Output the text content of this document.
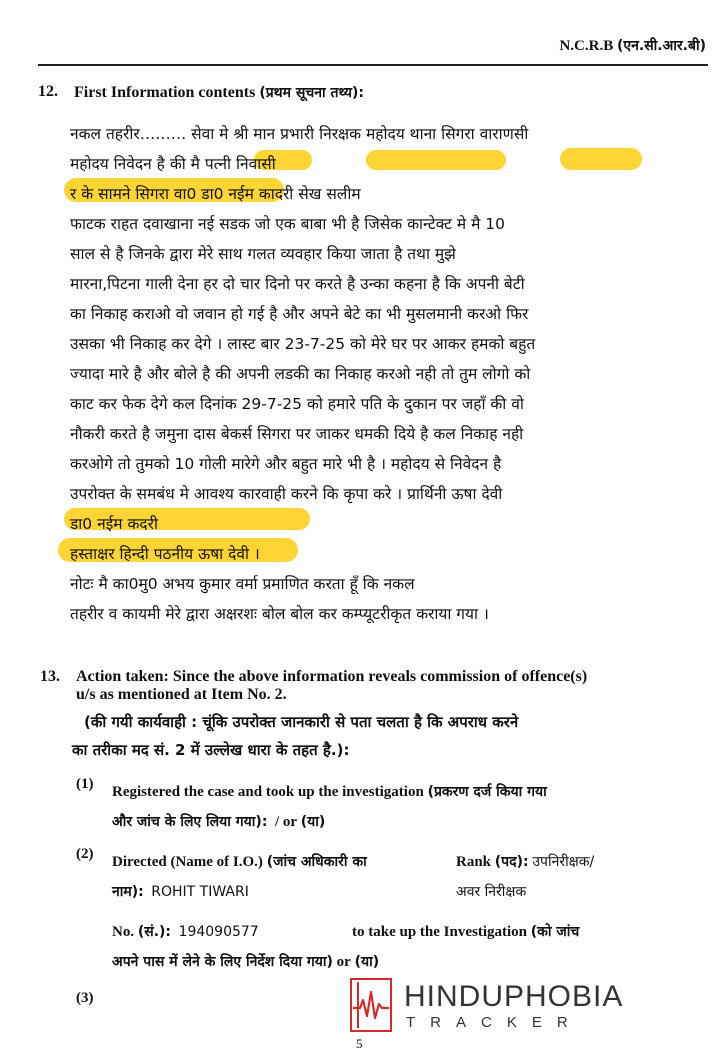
N.C.R.B (एन.सी.आर.बी)
12. First Information contents (प्रथम सूचना तथ्य):
नकल तहरीर……… सेवा मे श्री मान प्रभारी निरक्षक महोदय थाना सिगरा वाराणसी
महोदय निवेदन है की मै पत्नी निवासी
र के सामने सिगरा वा0 डा0 नईम कादरी सेख सलीम
फाटक राहत दवाखाना नई सडक जो एक बाबा भी है जिसेक कान्टेक्ट मे मै 10
साल से है जिनके द्वारा मेरे साथ गलत व्यवहार किया जाता है तथा मुझे
मारना,पिटना गाली देना हर दो चार दिनो पर करते है उन्का कहना है कि अपनी बेटी
का निकाह कराओ वो जवान हो गई है और अपने बेटे का भी मुसलमानी करओ फिर
उसका भी निकाह कर देगे । लास्ट बार 23-7-25 को मेरे घर पर आकर हमको बहुत
ज्यादा मारे है और बोले है की अपनी लडकी का निकाह करओ नही तो तुम लोगो को
काट कर फेक देगे कल दिनांक 29-7-25 को हमारे पति के दुकान पर जहाँ की वो
नौकरी करते है जमुना दास बेकर्स सिगरा पर जाकर धमकी दिये है कल निकाह नही
करओगे तो तुमको 10 गोली मारेगे और बहुत मारे भी है । महोदय से निवेदन है
उपरोक्त के समबंध मे आवश्य कारवाही करने कि कृपा करे । प्रार्थिनी ऊषा देवी
डा0 नईम कदरी
हस्ताक्षर हिन्दी पठनीय ऊषा देवी ।
नोटः मै का0मु0 अभय कुमार वर्मा प्रमाणित करता हूँ कि नकल
तहरीर व कायमी मेरे द्वारा अक्षरशः बोल बोल कर कम्प्यूटरीकृत कराया गया ।
13. Action taken: Since the above information reveals commission of offence(s)
u/s as mentioned at Item No. 2.
(की गयी कार्यवाही : चूंकि उपरोक्त जानकारी से पता चलता है कि अपराध करने
का तरीका मद सं. 2 में उल्लेख धारा के तहत है.):
(1) Registered the case and took up the investigation (प्रकरण दर्ज किया गया
और जांच के लिए लिया गया): / or (या)
(2) Directed (Name of I.O.) (जांच अधिकारी का	Rank (पद): उपनिरीक्षक/
नाम): ROHIT TIWARI	अवर निरीक्षक
No. (सं.): 194090577	to take up the Investigation (को जांच
अपने पास में लेने के लिए निर्देश दिया गया) or (या)
(3)	HINDUPHOBIA
TRACKER
5
